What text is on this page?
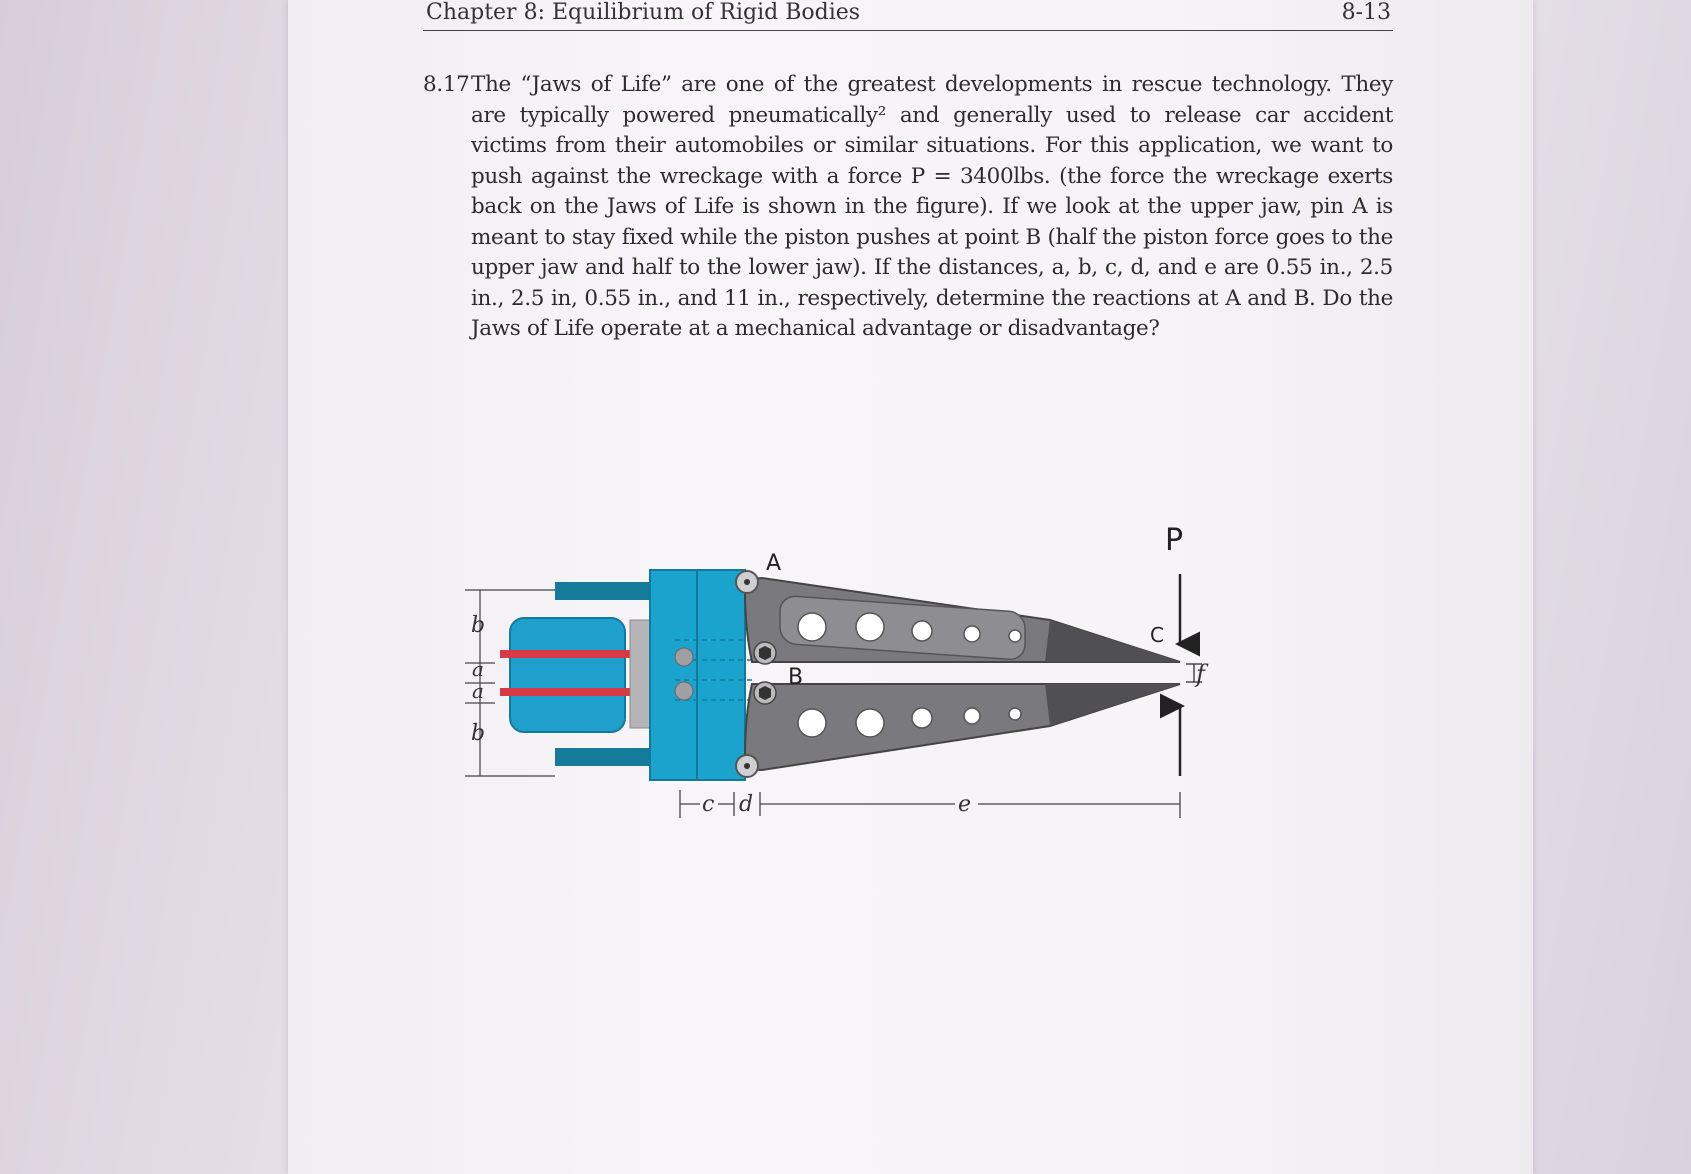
Chapter 8: Equilibrium of Rigid Bodies	8-13
8.17 The “Jaws of Life” are one of the greatest developments in rescue technology. They are typically powered pneumatically² and generally used to release car accident victims from their automobiles or similar situations. For this application, we want to push against the wreckage with a force P = 3400lbs. (the force the wreckage exerts back on the Jaws of Life is shown in the figure). If we look at the upper jaw, pin A is meant to stay fixed while the piston pushes at point B (half the piston force goes to the upper jaw and half to the lower jaw). If the distances, a, b, c, d, and e are 0.55 in., 2.5 in., 2.5 in, 0.55 in., and 11 in., respectively, determine the reactions at A and B. Do the Jaws of Life operate at a mechanical advantage or disadvantage?
b
a
a
b
A
B
P
C
f
c d	e
